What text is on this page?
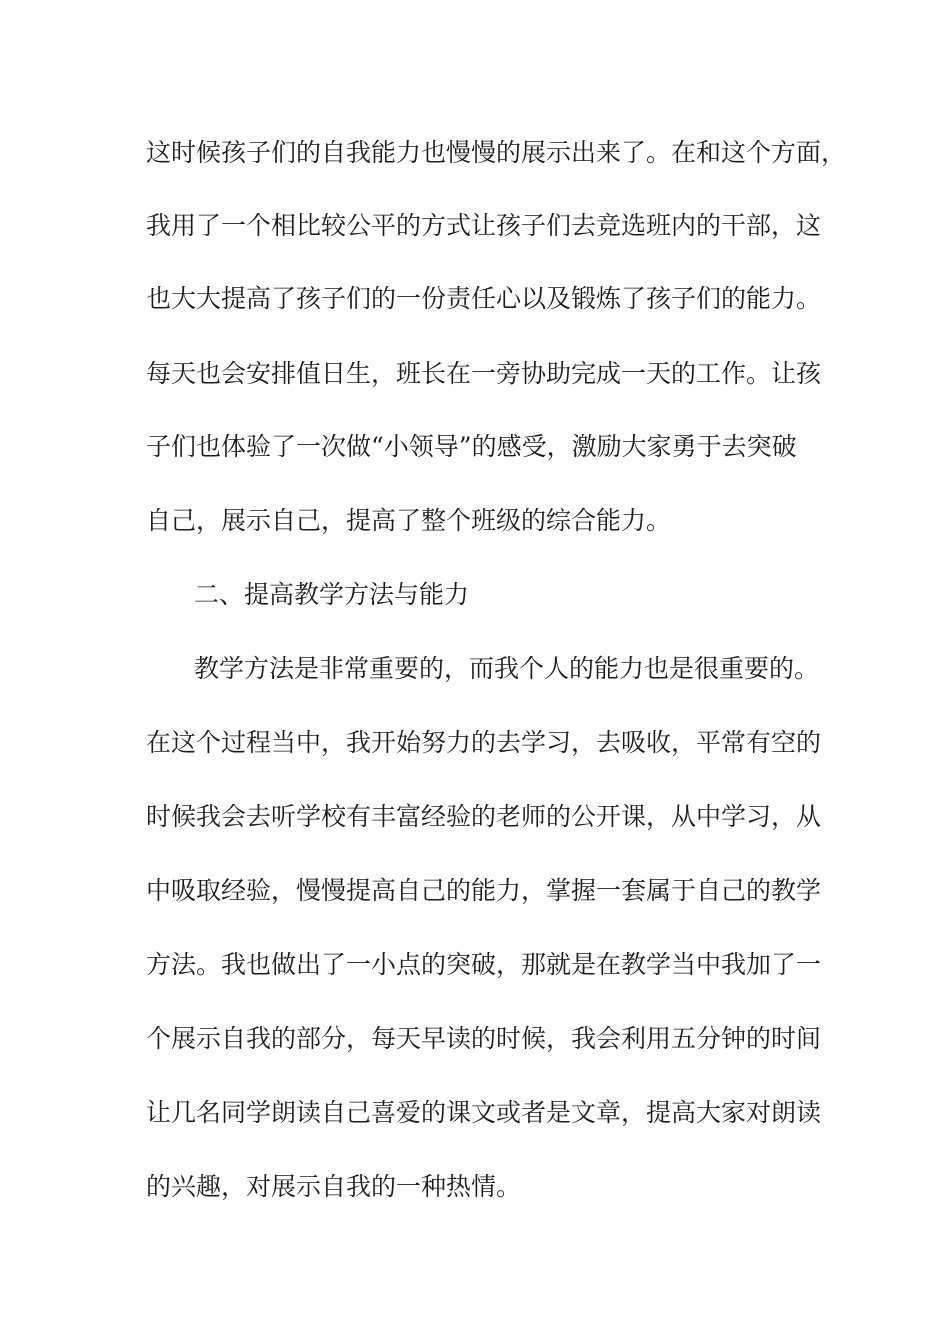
这时候孩子们的自我能力也慢慢的展示出来了。在和这个方面，

我用了一个相比较公平的方式让孩子们去竞选班内的干部，这

也大大提高了孩子们的一份责任心以及锻炼了孩子们的能力。

每天也会安排值日生，班长在一旁协助完成一天的工作。让孩

子们也体验了一次做“小领导”的感受，激励大家勇于去突破

自己，展示自己，提高了整个班级的综合能力。

二、提高教学方法与能力

教学方法是非常重要的，而我个人的能力也是很重要的。

在这个过程当中，我开始努力的去学习，去吸收，平常有空的

时候我会去听学校有丰富经验的老师的公开课，从中学习，从

中吸取经验，慢慢提高自己的能力，掌握一套属于自己的教学

方法。我也做出了一小点的突破，那就是在教学当中我加了一

个展示自我的部分，每天早读的时候，我会利用五分钟的时间

让几名同学朗读自己喜爱的课文或者是文章，提高大家对朗读

的兴趣，对展示自我的一种热情。
